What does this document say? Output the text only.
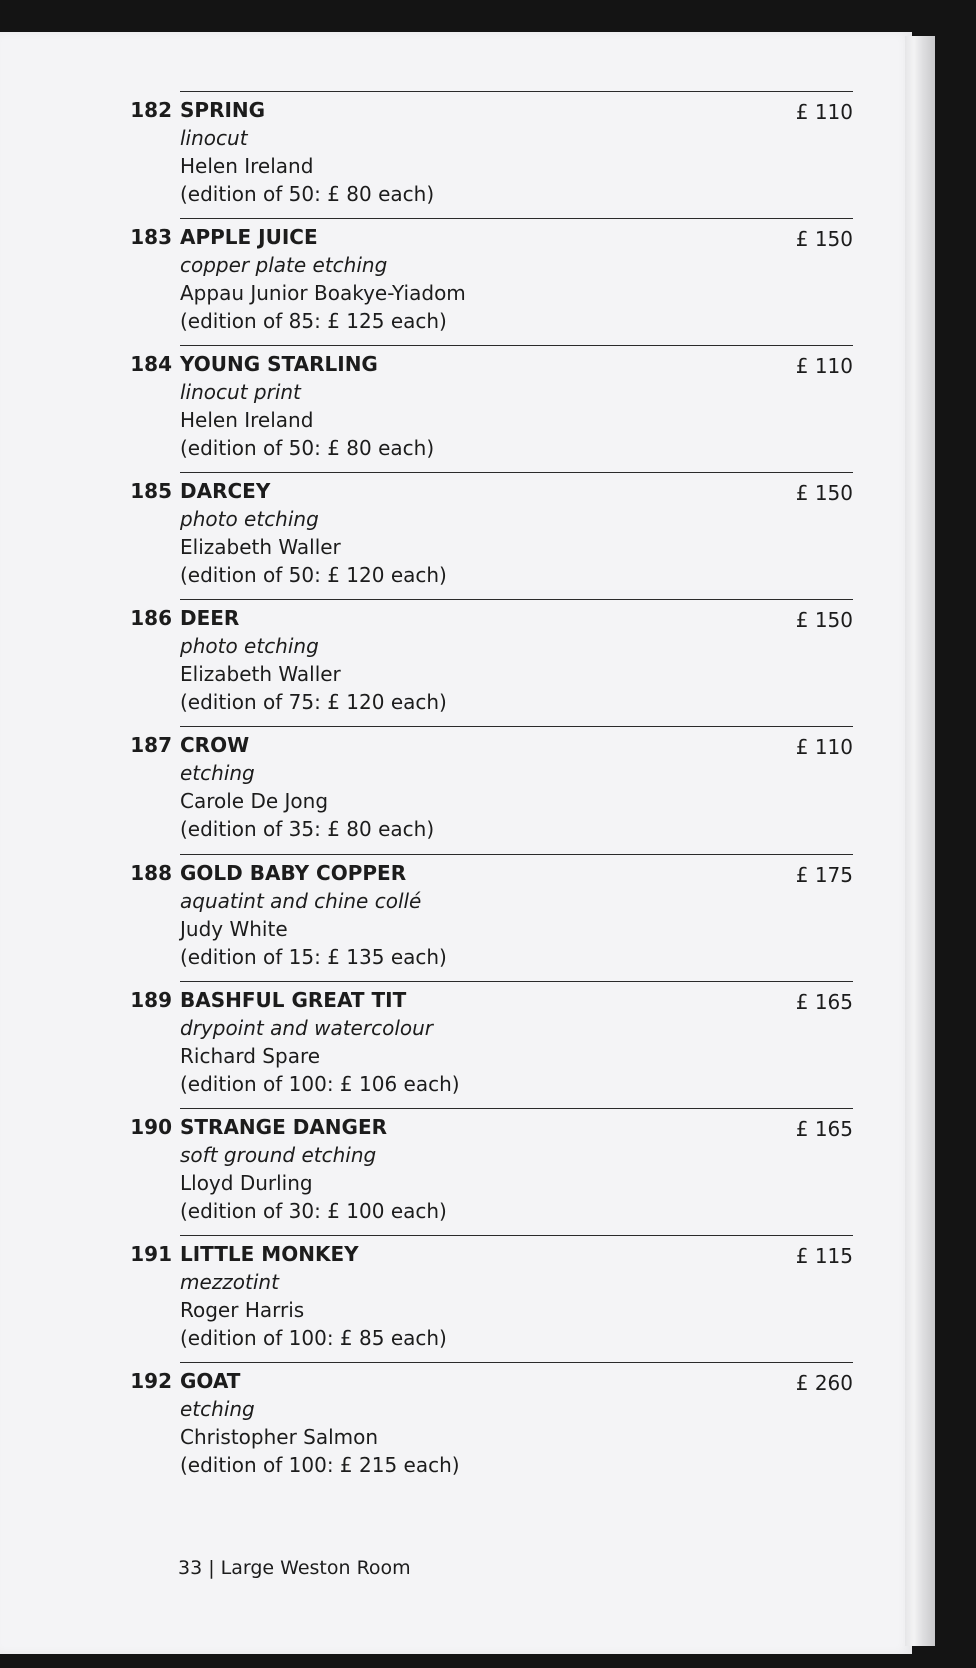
182 SPRING
linocut
Helen Ireland
(edition of 50: £ 80 each)
£ 110
183 APPLE JUICE
copper plate etching
Appau Junior Boakye-Yiadom
(edition of 85: £ 125 each)
£ 150
184 YOUNG STARLING
linocut print
Helen Ireland
(edition of 50: £ 80 each)
£ 110
185 DARCEY
photo etching
Elizabeth Waller
(edition of 50: £ 120 each)
£ 150
186 DEER
photo etching
Elizabeth Waller
(edition of 75: £ 120 each)
£ 150
187 CROW
etching
Carole De Jong
(edition of 35: £ 80 each)
£ 110
188 GOLD BABY COPPER
aquatint and chine collé
Judy White
(edition of 15: £ 135 each)
£ 175
189 BASHFUL GREAT TIT
drypoint and watercolour
Richard Spare
(edition of 100: £ 106 each)
£ 165
190 STRANGE DANGER
soft ground etching
Lloyd Durling
(edition of 30: £ 100 each)
£ 165
191 LITTLE MONKEY
mezzotint
Roger Harris
(edition of 100: £ 85 each)
£ 115
192 GOAT
etching
Christopher Salmon
(edition of 100: £ 215 each)
£ 260
33 | Large Weston Room
